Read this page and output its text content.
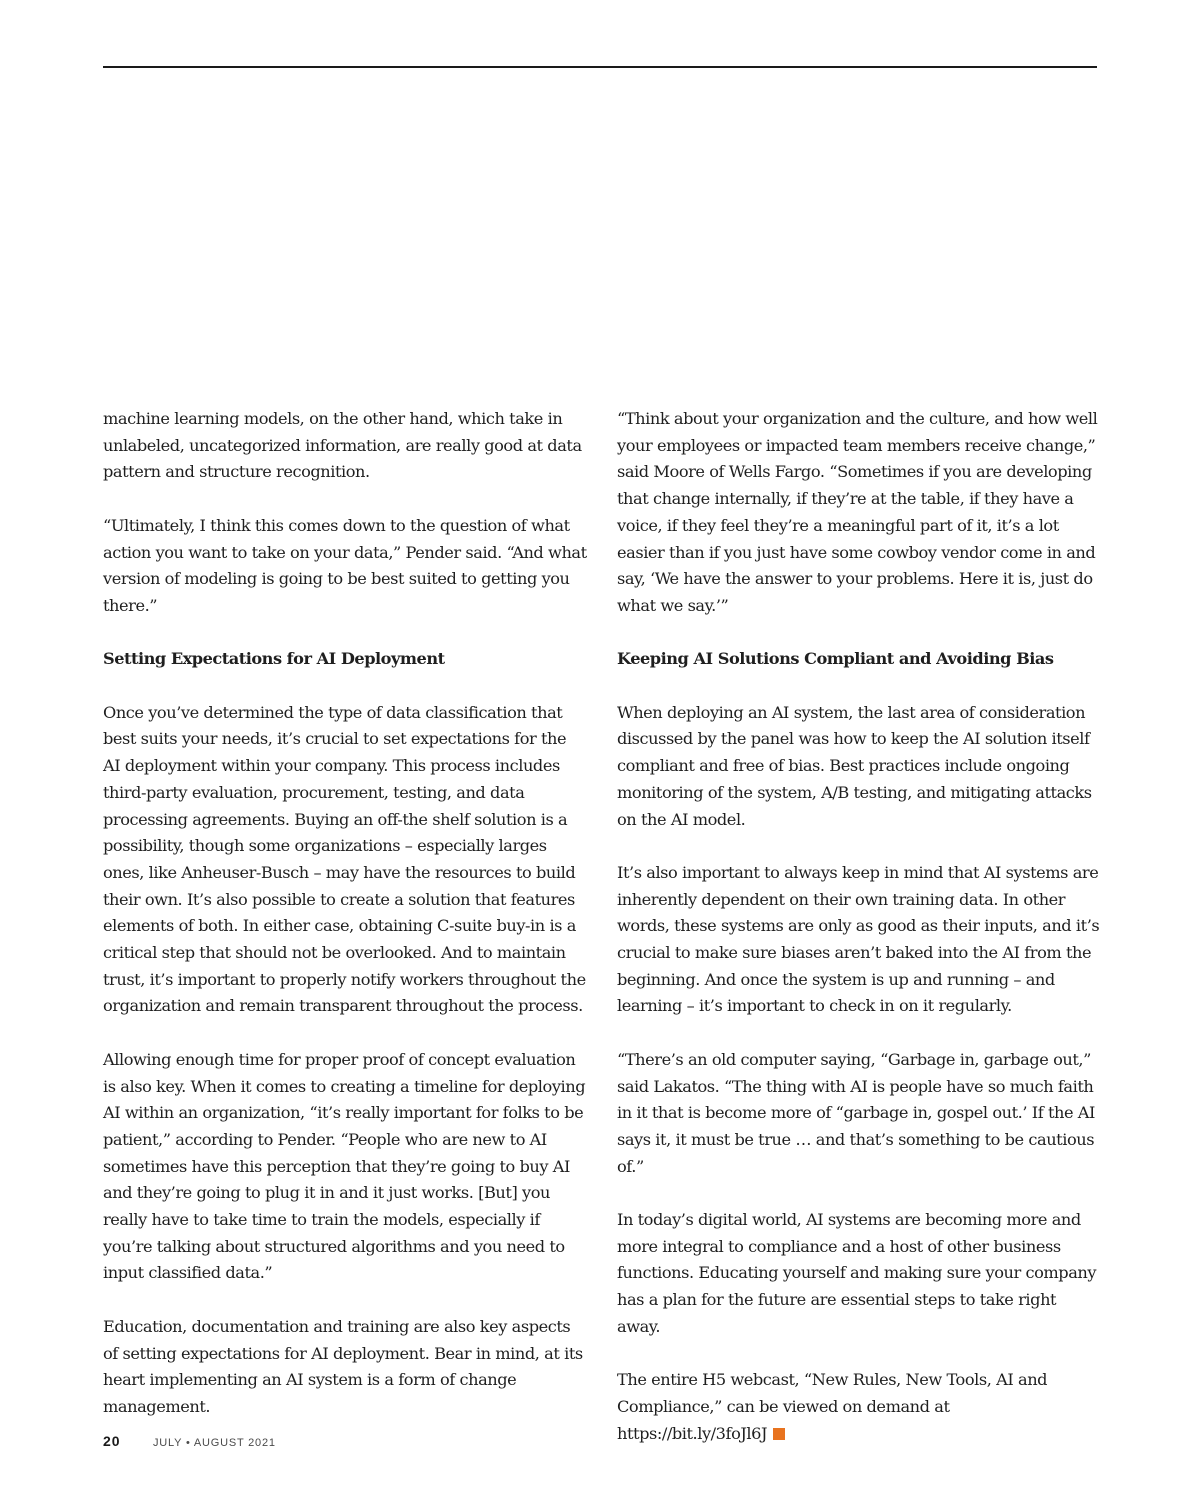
machine learning models, on the other hand, which take in unlabeled, uncategorized information, are really good at data pattern and structure recognition.

“Ultimately, I think this comes down to the question of what action you want to take on your data,” Pender said. “And what version of modeling is going to be best suited to getting you there.”

Setting Expectations for AI Deployment

Once you’ve determined the type of data classification that best suits your needs, it’s crucial to set expectations for the AI deployment within your company. This process includes third-party evaluation, procurement, testing, and data processing agreements. Buying an off-the shelf solution is a possibility, though some organizations – especially larges ones, like Anheuser-Busch – may have the resources to build their own. It’s also possible to create a solution that features elements of both. In either case, obtaining C-suite buy-in is a critical step that should not be overlooked. And to maintain trust, it’s important to properly notify workers throughout the organization and remain transparent throughout the process.

Allowing enough time for proper proof of concept evaluation is also key. When it comes to creating a timeline for deploying AI within an organization, “it’s really important for folks to be patient,” according to Pender. “People who are new to AI sometimes have this perception that they’re going to buy AI and they’re going to plug it in and it just works. [But] you really have to take time to train the models, especially if you’re talking about structured algorithms and you need to input classified data.”

Education, documentation and training are also key aspects of setting expectations for AI deployment. Bear in mind, at its heart implementing an AI system is a form of change management.

“Think about your organization and the culture, and how well your employees or impacted team members receive change,” said Moore of Wells Fargo. “Sometimes if you are developing that change internally, if they’re at the table, if they have a voice, if they feel they’re a meaningful part of it, it’s a lot easier than if you just have some cowboy vendor come in and say, ‘We have the answer to your problems. Here it is, just do what we say.’”

Keeping AI Solutions Compliant and Avoiding Bias

When deploying an AI system, the last area of consideration discussed by the panel was how to keep the AI solution itself compliant and free of bias. Best practices include ongoing monitoring of the system, A/B testing, and mitigating attacks on the AI model.

It’s also important to always keep in mind that AI systems are inherently dependent on their own training data. In other words, these systems are only as good as their inputs, and it’s crucial to make sure biases aren’t baked into the AI from the beginning. And once the system is up and running – and learning – it’s important to check in on it regularly.

“There’s an old computer saying, “Garbage in, garbage out,” said Lakatos. “The thing with AI is people have so much faith in it that is become more of “garbage in, gospel out.’ If the AI says it, it must be true … and that’s something to be cautious of.”

In today’s digital world, AI systems are becoming more and more integral to compliance and a host of other business functions. Educating yourself and making sure your company has a plan for the future are essential steps to take right away.

The entire H5 webcast, “New Rules, New Tools, AI and Compliance,” can be viewed on demand at https://bit.ly/3foJl6J

20	JULY • AUGUST 2021
